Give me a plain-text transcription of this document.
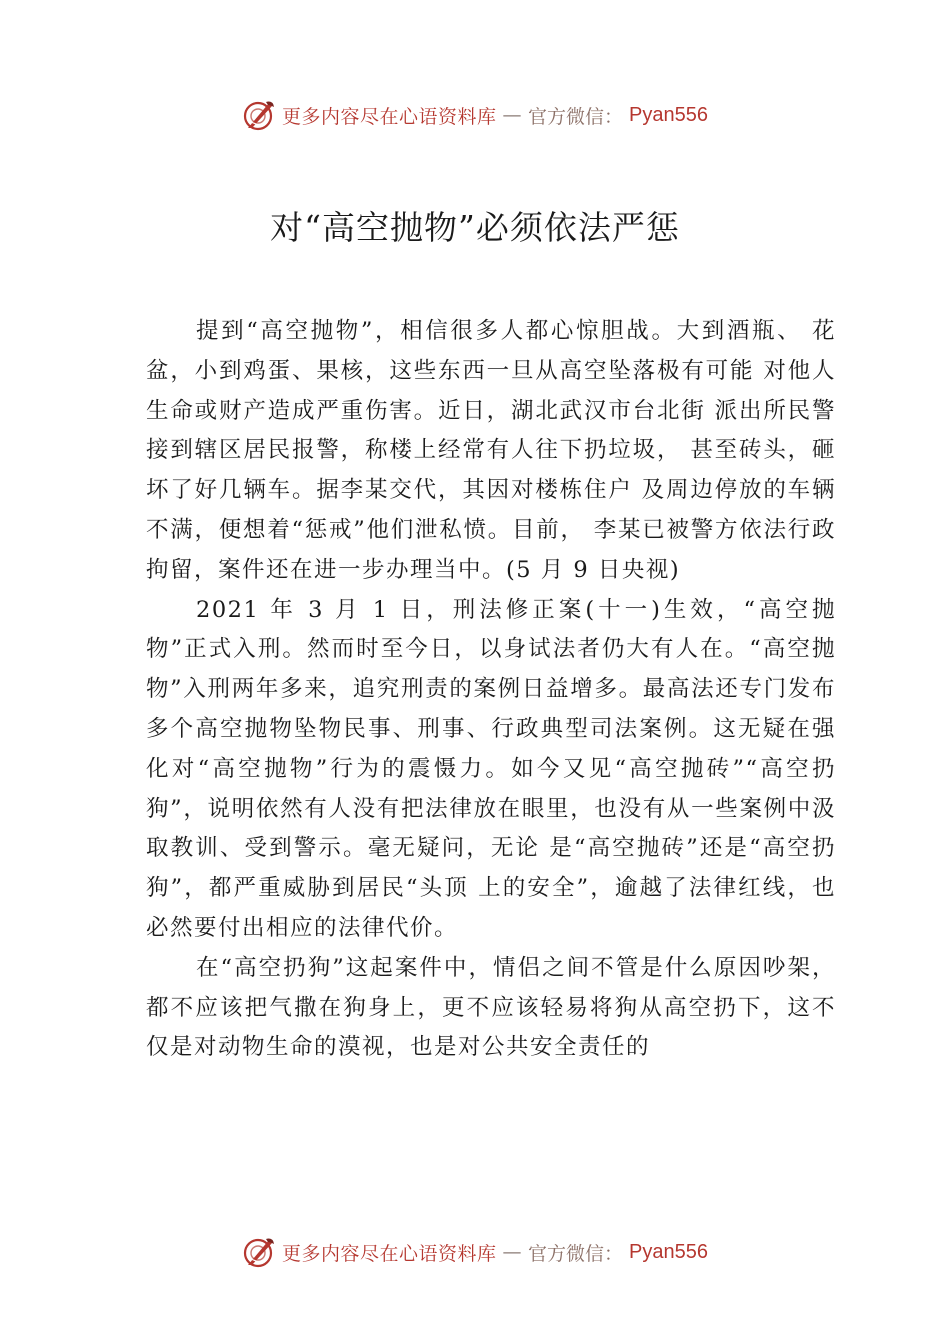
更多内容尽在心语资料库 — 官方微信： Pyan556
对“高空抛物”必须依法严惩

提到“高空抛物”，相信很多人都心惊胆战。大到酒瓶、 花盆，小到鸡蛋、果核，这些东西一旦从高空坠落极有可能 对他人生命或财产造成严重伤害。近日，湖北武汉市台北街 派出所民警接到辖区居民报警，称楼上经常有人往下扔垃圾， 甚至砖头，砸坏了好几辆车。据李某交代，其因对楼栋住户 及周边停放的车辆不满，便想着“惩戒”他们泄私愤。目前， 李某已被警方依法行政拘留，案件还在进一步办理当中。(5 月 9 日央视)

2021 年 3 月 1 日，刑法修正案(十一)生效，“高空抛物”正式入刑。然而时至今日，以身试法者仍大有人在。“高空抛物”入刑两年多来，追究刑责的案例日益增多。最高法还专门发布多个高空抛物坠物民事、刑事、行政典型司法案例。这无疑在强化对“高空抛物”行为的震慑力。如今又见“高空抛砖”“高空扔狗”，说明依然有人没有把法律放在眼里，也没有从一些案例中汲取教训、受到警示。毫无疑问，无论 是“高空抛砖”还是“高空扔狗”，都严重威胁到居民“头顶 上的安全”，逾越了法律红线，也必然要付出相应的法律代价。

在“高空扔狗”这起案件中，情侣之间不管是什么原因吵架，都不应该把气撒在狗身上，更不应该轻易将狗从高空扔下，这不仅是对动物生命的漠视，也是对公共安全责任的

更多内容尽在心语资料库 — 官方微信： Pyan556
